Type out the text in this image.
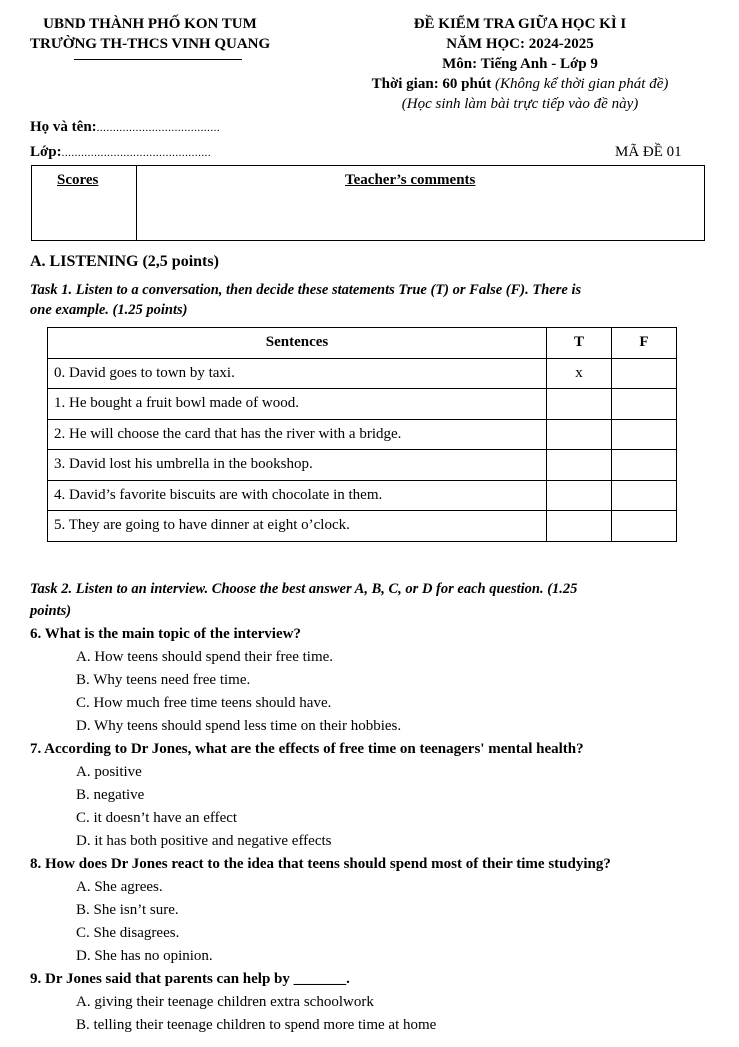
UBND THÀNH PHỐ KON TUM
TRƯỜNG TH-THCS VINH QUANG
ĐỀ KIỂM TRA GIỮA HỌC KÌ I
NĂM HỌC: 2024-2025
Môn: Tiếng Anh - Lớp 9
Thời gian: 60 phút (Không kể thời gian phát đề)
(Học sinh làm bài trực tiếp vào đề này)
Họ và tên:......................................
Lớp:..............................................	MÃ ĐỀ 01
Scores	Teacher’s comments
A. LISTENING (2,5 points)
Task 1. Listen to a conversation, then decide these statements True (T) or False (F). There is
one example. (1.25 points)
Sentences	T	F
0. David goes to town by taxi.	x	
1. He bought a fruit bowl made of wood.		
2. He will choose the card that has the river with a bridge.		
3. David lost his umbrella in the bookshop.		
4. David’s favorite biscuits are with chocolate in them.		
5. They are going to have dinner at eight o’clock.		
Task 2. Listen to an interview. Choose the best answer A, B, C, or D for each question. (1.25
points)
6. What is the main topic of the interview?
A. How teens should spend their free time.
B. Why teens need free time.
C. How much free time teens should have.
D. Why teens should spend less time on their hobbies.
7. According to Dr Jones, what are the effects of free time on teenagers' mental health?
A. positive
B. negative
C. it doesn’t have an effect
D. it has both positive and negative effects
8. How does Dr Jones react to the idea that teens should spend most of their time studying?
A. She agrees.
B. She isn’t sure.
C. She disagrees.
D. She has no opinion.
9. Dr Jones said that parents can help by _______.
A. giving their teenage children extra schoolwork
B. telling their teenage children to spend more time at home
